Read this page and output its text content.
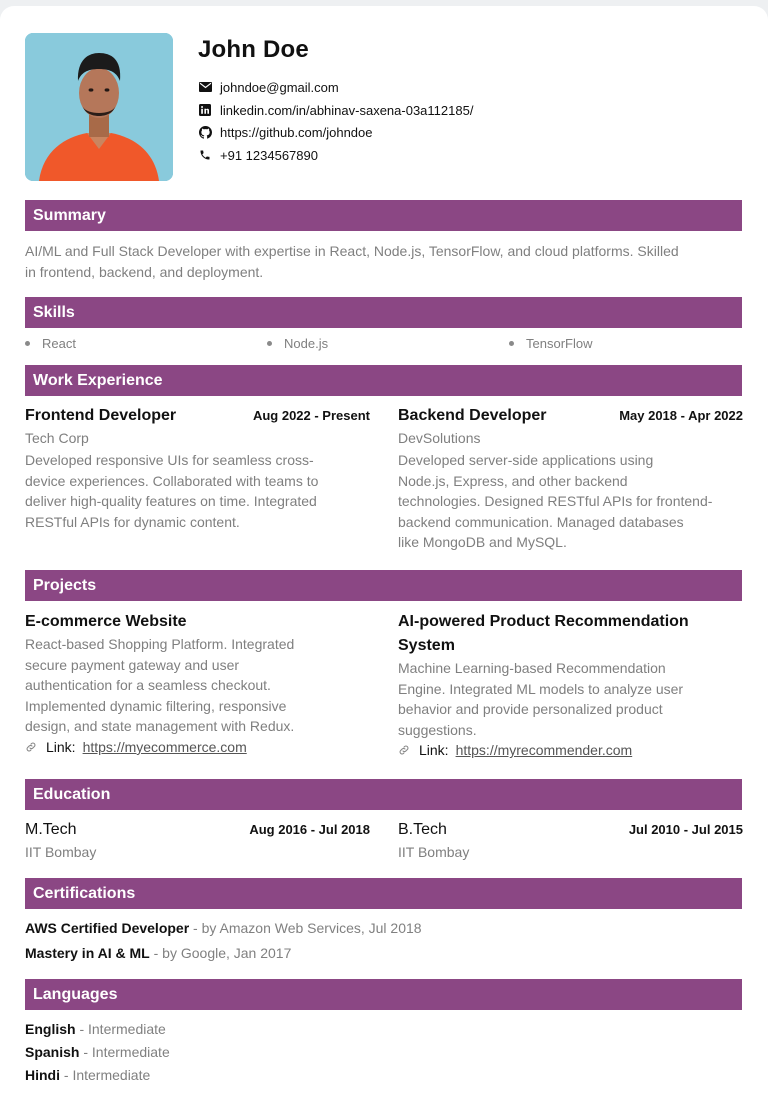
John Doe
johndoe@gmail.com
linkedin.com/in/abhinav-saxena-03a112185/
https://github.com/johndoe
+91 1234567890
Summary
AI/ML and Full Stack Developer with expertise in React, Node.js, TensorFlow, and cloud platforms. Skilled
in frontend, backend, and deployment.
Skills
React	Node.js	TensorFlow
Work Experience
Frontend Developer	Aug 2022 - Present
Tech Corp
Developed responsive UIs for seamless cross-
device experiences. Collaborated with teams to
deliver high-quality features on time. Integrated
RESTful APIs for dynamic content.
Backend Developer	May 2018 - Apr 2022
DevSolutions
Developed server-side applications using
Node.js, Express, and other backend
technologies. Designed RESTful APIs for frontend-
backend communication. Managed databases
like MongoDB and MySQL.
Projects
E-commerce Website
React-based Shopping Platform. Integrated
secure payment gateway and user
authentication for a seamless checkout.
Implemented dynamic filtering, responsive
design, and state management with Redux.
Link: https://myecommerce.com
AI-powered Product Recommendation
System
Machine Learning-based Recommendation
Engine. Integrated ML models to analyze user
behavior and provide personalized product
suggestions.
Link: https://myrecommender.com
Education
M.Tech	Aug 2016 - Jul 2018
IIT Bombay
B.Tech	Jul 2010 - Jul 2015
IIT Bombay
Certifications
AWS Certified Developer - by Amazon Web Services, Jul 2018
Mastery in AI & ML - by Google, Jan 2017
Languages
English - Intermediate
Spanish - Intermediate
Hindi - Intermediate
